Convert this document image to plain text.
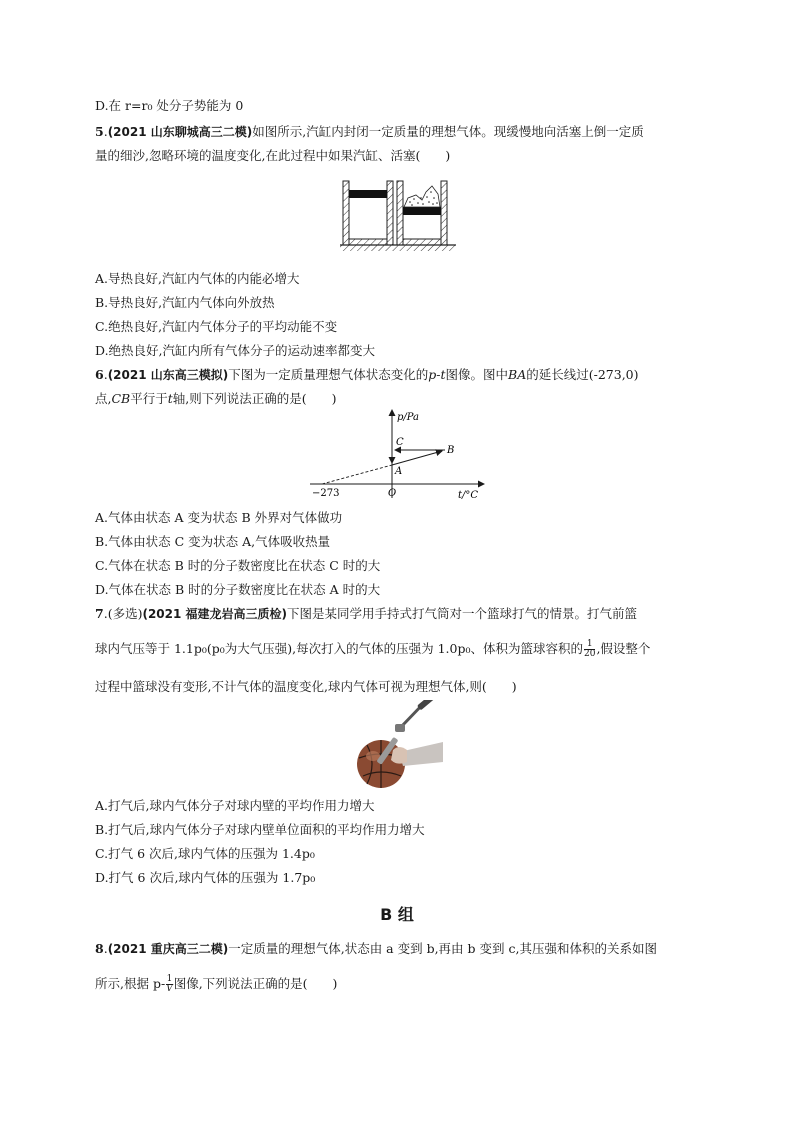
D.在 r=r₀ 处分子势能为 0
5.(2021 山东聊城高三二模)如图所示,汽缸内封闭一定质量的理想气体。现缓慢地向活塞上倒一定质
量的细沙,忽略环境的温度变化,在此过程中如果汽缸、活塞(　　)
A.导热良好,汽缸内气体的内能必增大
B.导热良好,汽缸内气体向外放热
C.绝热良好,汽缸内气体分子的平均动能不变
D.绝热良好,汽缸内所有气体分子的运动速率都变大
6.(2021 山东高三模拟)下图为一定质量理想气体状态变化的p-t图像。图中BA的延长线过(-273,0)
点,CB平行于t轴,则下列说法正确的是(　　)
p/Pa
t/°C
O
−273
A
B
C
A.气体由状态 A 变为状态 B 外界对气体做功
B.气体由状态 C 变为状态 A,气体吸收热量
C.气体在状态 B 时的分子数密度比在状态 C 时的大
D.气体在状态 B 时的分子数密度比在状态 A 时的大
7.(多选)(2021 福建龙岩高三质检)下图是某同学用手持式打气筒对一个篮球打气的情景。打气前篮
球内气压等于 1.1p₀(p₀为大气压强),每次打入的气体的压强为 1.0p₀、体积为篮球容积的 $\frac{1}{20}$ ,假设整个
过程中篮球没有变形,不计气体的温度变化,球内气体可视为理想气体,则(　　)
A.打气后,球内气体分子对球内壁的平均作用力增大
B.打气后,球内气体分子对球内壁单位面积的平均作用力增大
C.打气 6 次后,球内气体的压强为 1.4p₀
D.打气 6 次后,球内气体的压强为 1.7p₀
B 组
8.(2021 重庆高三二模)一定质量的理想气体,状态由 a 变到 b,再由 b 变到 c,其压强和体积的关系如图
所示,根据 $p- \frac{1}{V}$ 图像,下列说法正确的是(　　)
